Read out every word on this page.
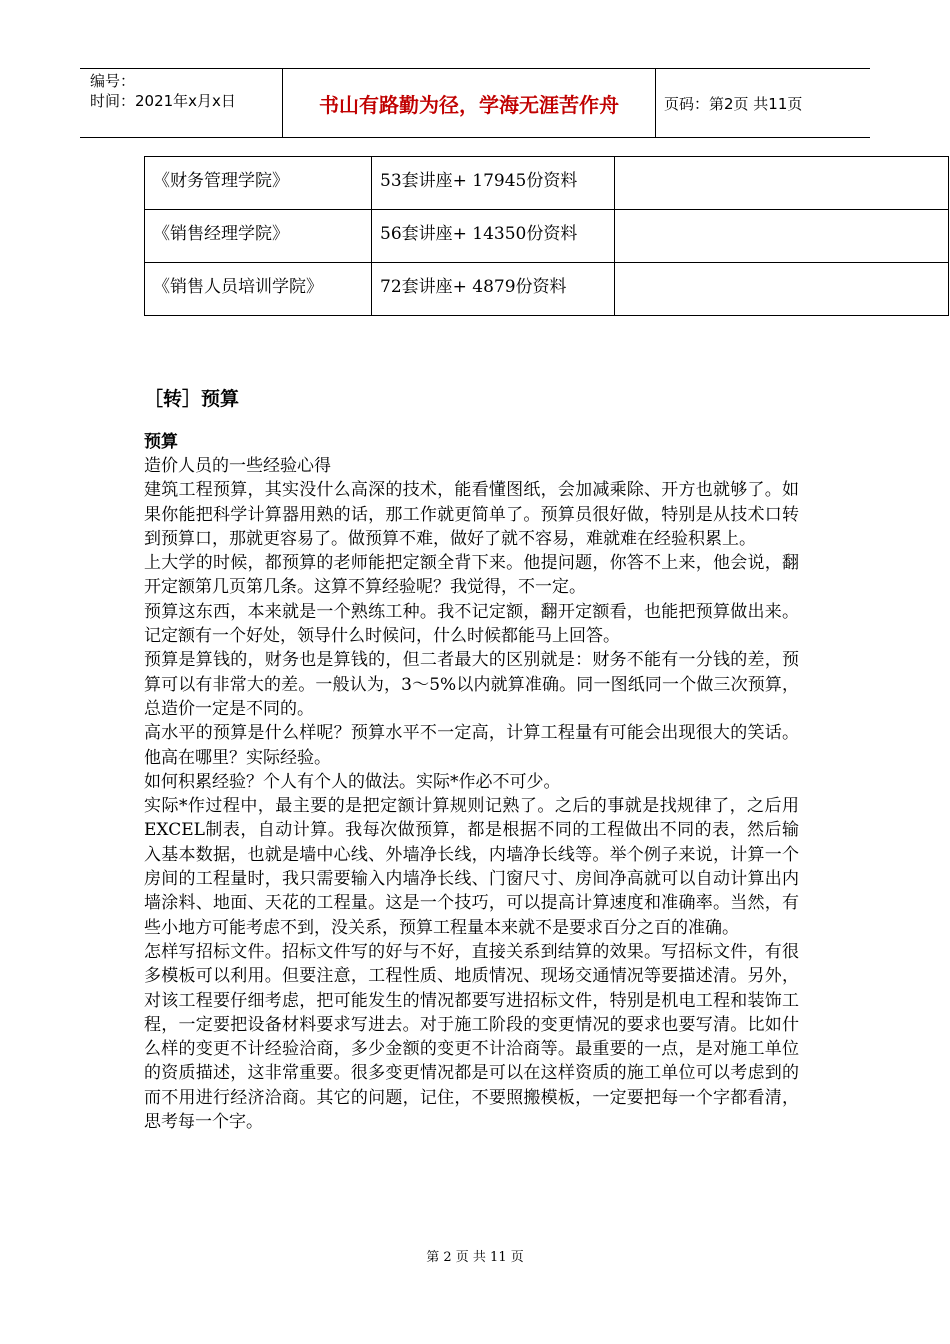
编号：
时间：2021年x月x日	书山有路勤为径，学海无涯苦作舟	页码：第2页 共11页
《财务管理学院》	53套讲座+ 17945份资料	
《销售经理学院》	56套讲座+ 14350份资料	
《销售人员培训学院》	72套讲座+ 4879份资料	
［转］预算
预算

造价人员的一些经验心得

建筑工程预算，其实没什么高深的技术，能看懂图纸，会加减乘除、开方也就够了。如果你能把科学计算器用熟的话，那工作就更简单了。预算员很好做，特别是从技术口转到预算口，那就更容易了。做预算不难，做好了就不容易，难就难在经验积累上。

上大学的时候，都预算的老师能把定额全背下来。他提问题，你答不上来，他会说，翻开定额第几页第几条。这算不算经验呢？我觉得，不一定。

预算这东西，本来就是一个熟练工种。我不记定额，翻开定额看，也能把预算做出来。记定额有一个好处，领导什么时候问，什么时候都能马上回答。

预算是算钱的，财务也是算钱的，但二者最大的区别就是：财务不能有一分钱的差，预算可以有非常大的差。一般认为，3～5%以内就算准确。同一图纸同一个做三次预算，总造价一定是不同的。

高水平的预算是什么样呢？预算水平不一定高，计算工程量有可能会出现很大的笑话。他高在哪里？实际经验。

如何积累经验？个人有个人的做法。实际*作必不可少。

实际*作过程中，最主要的是把定额计算规则记熟了。之后的事就是找规律了，之后用EXCEL制表，自动计算。我每次做预算，都是根据不同的工程做出不同的表，然后输入基本数据，也就是墙中心线、外墙净长线，内墙净长线等。举个例子来说，计算一个房间的工程量时，我只需要输入内墙净长线、门窗尺寸、房间净高就可以自动计算出内墙涂料、地面、天花的工程量。这是一个技巧，可以提高计算速度和准确率。当然，有些小地方可能考虑不到，没关系，预算工程量本来就不是要求百分之百的准确。

怎样写招标文件。招标文件写的好与不好，直接关系到结算的效果。写招标文件，有很多模板可以利用。但要注意，工程性质、地质情况、现场交通情况等要描述清。另外，对该工程要仔细考虑，把可能发生的情况都要写进招标文件，特别是机电工程和装饰工程，一定要把设备材料要求写进去。对于施工阶段的变更情况的要求也要写清。比如什么样的变更不计经验洽商，多少金额的变更不计洽商等。最重要的一点，是对施工单位的资质描述，这非常重要。很多变更情况都是可以在这样资质的施工单位可以考虑到的而不用进行经济洽商。其它的问题，记住，不要照搬模板，一定要把每一个字都看清，思考每一个字。

第 2 页 共 11 页
